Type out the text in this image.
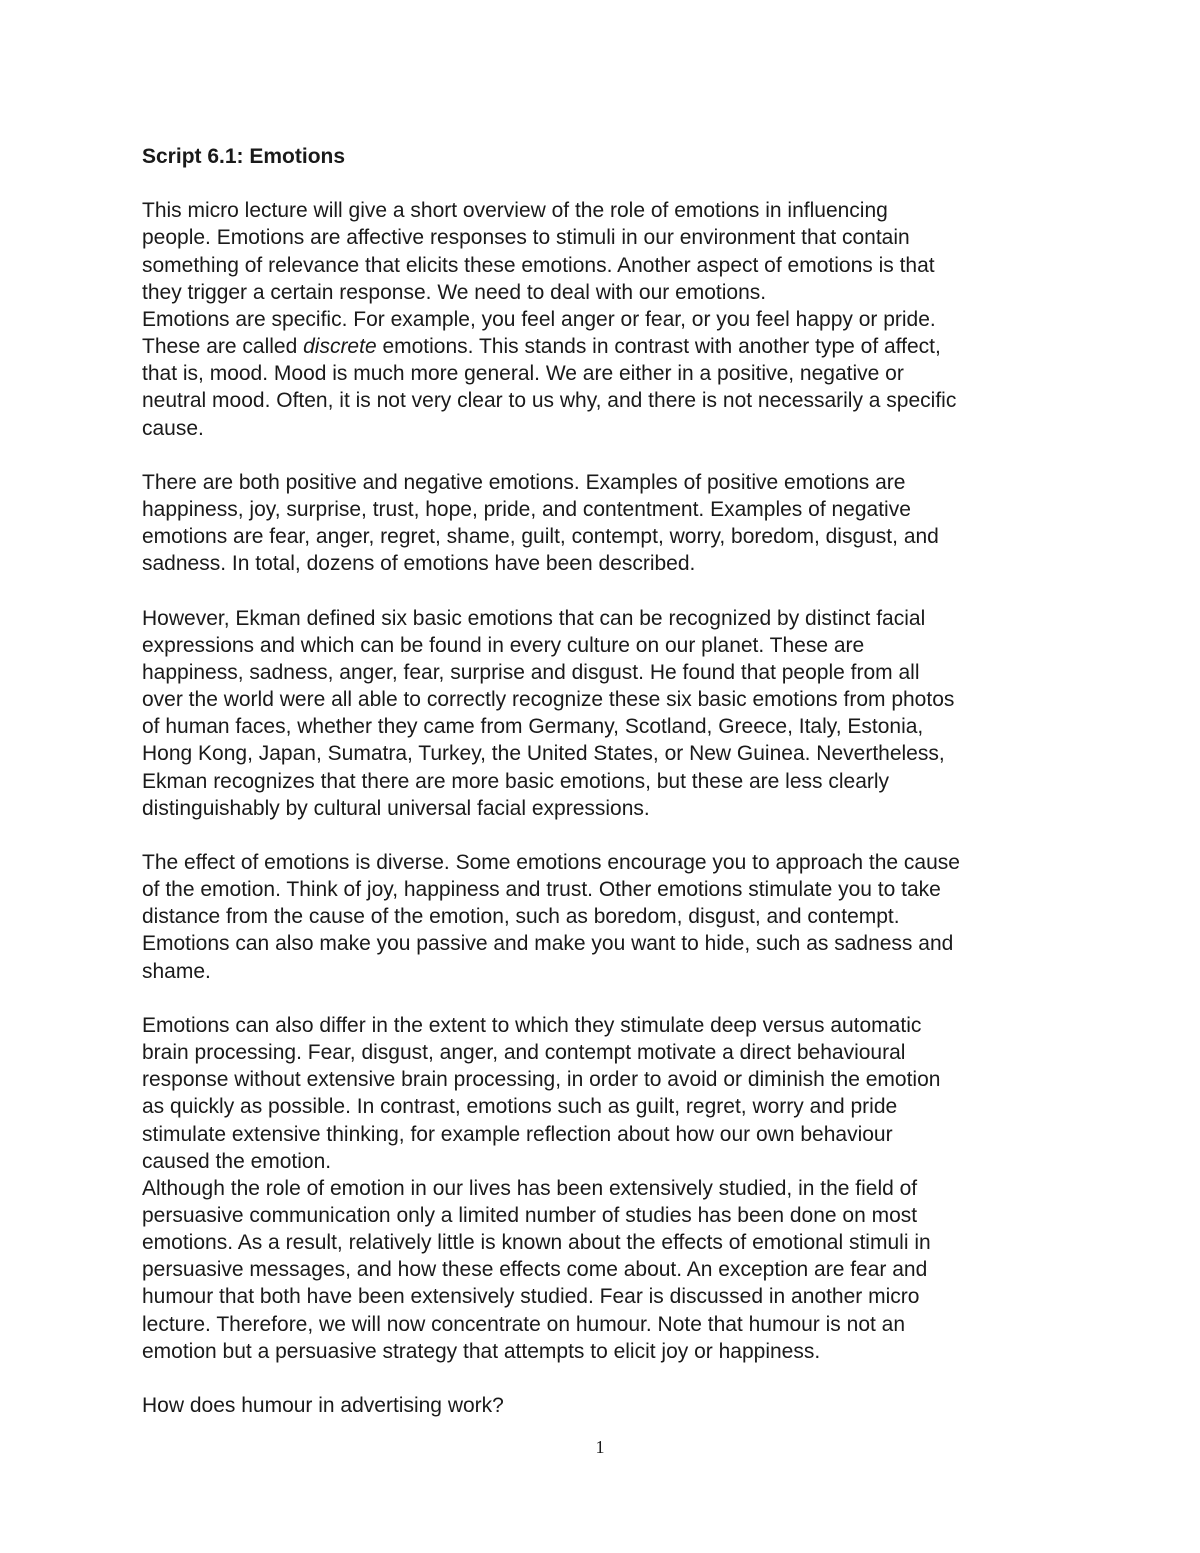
Script 6.1: Emotions
This micro lecture will give a short overview of the role of emotions in influencing
people. Emotions are affective responses to stimuli in our environment that contain
something of relevance that elicits these emotions. Another aspect of emotions is that
they trigger a certain response. We need to deal with our emotions.
Emotions are specific. For example, you feel anger or fear, or you feel happy or pride.
These are called discrete emotions. This stands in contrast with another type of affect,
that is, mood. Mood is much more general. We are either in a positive, negative or
neutral mood. Often, it is not very clear to us why, and there is not necessarily a specific
cause.
There are both positive and negative emotions. Examples of positive emotions are
happiness, joy, surprise, trust, hope, pride, and contentment. Examples of negative
emotions are fear, anger, regret, shame, guilt, contempt, worry, boredom, disgust, and
sadness. In total, dozens of emotions have been described.
However, Ekman defined six basic emotions that can be recognized by distinct facial
expressions and which can be found in every culture on our planet. These are
happiness, sadness, anger, fear, surprise and disgust. He found that people from all
over the world were all able to correctly recognize these six basic emotions from photos
of human faces, whether they came from Germany, Scotland, Greece, Italy, Estonia,
Hong Kong, Japan, Sumatra, Turkey, the United States, or New Guinea. Nevertheless,
Ekman recognizes that there are more basic emotions, but these are less clearly
distinguishably by cultural universal facial expressions.
The effect of emotions is diverse. Some emotions encourage you to approach the cause
of the emotion. Think of joy, happiness and trust. Other emotions stimulate you to take
distance from the cause of the emotion, such as boredom, disgust, and contempt.
Emotions can also make you passive and make you want to hide, such as sadness and
shame.
Emotions can also differ in the extent to which they stimulate deep versus automatic
brain processing. Fear, disgust, anger, and contempt motivate a direct behavioural
response without extensive brain processing, in order to avoid or diminish the emotion
as quickly as possible. In contrast, emotions such as guilt, regret, worry and pride
stimulate extensive thinking, for example reflection about how our own behaviour
caused the emotion.
Although the role of emotion in our lives has been extensively studied, in the field of
persuasive communication only a limited number of studies has been done on most
emotions. As a result, relatively little is known about the effects of emotional stimuli in
persuasive messages, and how these effects come about. An exception are fear and
humour that both have been extensively studied. Fear is discussed in another micro
lecture. Therefore, we will now concentrate on humour. Note that humour is not an
emotion but a persuasive strategy that attempts to elicit joy or happiness.
How does humour in advertising work?
1
